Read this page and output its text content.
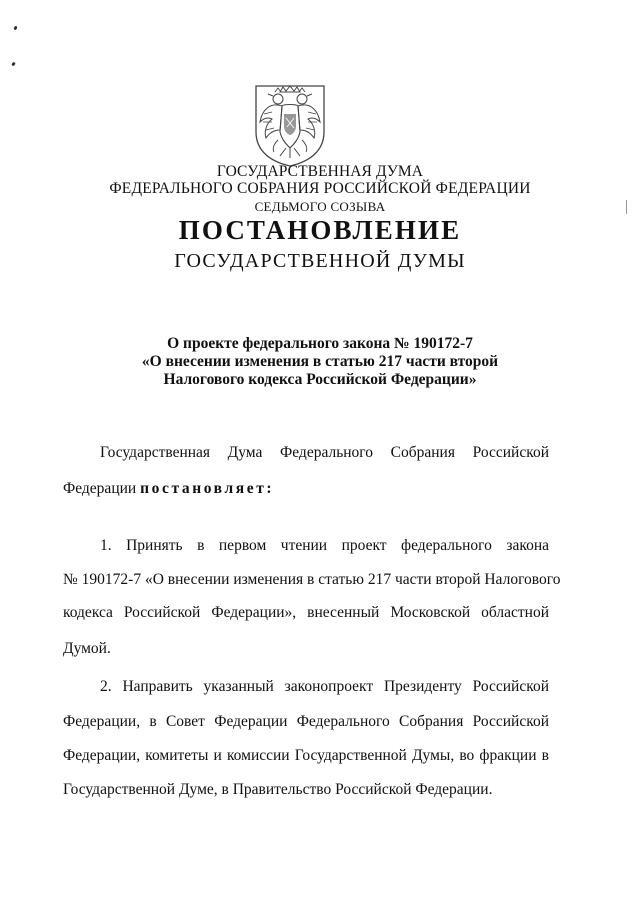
ГОСУДАРСТВЕННАЯ ДУМА
ФЕДЕРАЛЬНОГО СОБРАНИЯ РОССИЙСКОЙ ФЕДЕРАЦИИ
СЕДЬМОГО СОЗЫВА
ПОСТАНОВЛЕНИЕ
ГОСУДАРСТВЕННОЙ ДУМЫ
О проекте федерального закона № 190172-7
«О внесении изменения в статью 217 части второй
Налогового кодекса Российской Федерации»
Государственная Дума Федерального Собрания Российской
Федерации постановляет:
1. Принять в первом чтении проект федерального закона
№ 190172-7 «О внесении изменения в статью 217 части второй Налогового
кодекса Российской Федерации», внесенный Московской областной
Думой.
2. Направить указанный законопроект Президенту Российской
Федерации, в Совет Федерации Федерального Собрания Российской
Федерации, комитеты и комиссии Государственной Думы, во фракции в
Государственной Думе, в Правительство Российской Федерации.
